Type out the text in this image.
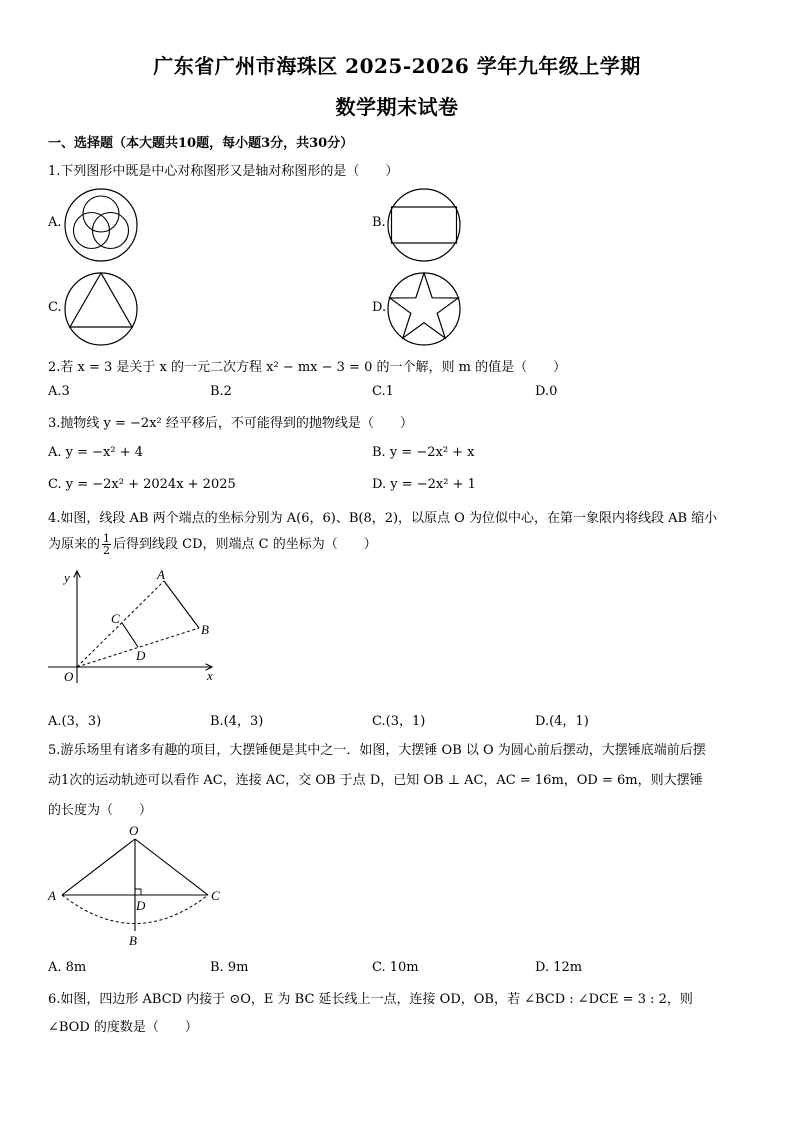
广东省广州市海珠区 2025-2026 学年九年级上学期
数学期末试卷
一、选择题（本大题共10题，每小题3分，共30分）
1.下列图形中既是中心对称图形又是轴对称图形的是（　　）
A.	B.
C.	D.
2.若 x = 3 是关于 x 的一元二次方程 x² − mx − 3 = 0 的一个解，则 m 的值是（　　）
A.3	B.2	C.1	D.0
3.抛物线 y = −2x² 经平移后，不可能得到的抛物线是（　　）
A. y = −x² + 4	B. y = −2x² + x
C. y = −2x² + 2024x + 2025	D. y = −2x² + 1
4.如图，线段 AB 两个端点的坐标分别为 A(6，6)、B(8，2)，以原点 O 为位似中心，在第一象限内将线段 AB 缩小
为原来的 $\frac{1}{2}$ 后得到线段 CD，则端点 C 的坐标为（　　）
y
x
O
A
B
C
D
A.(3，3)	B.(4，3)	C.(3，1)	D.(4，1)
5.游乐场里有诸多有趣的项目，大摆锤便是其中之一．如图，大摆锤 OB 以 O 为圆心前后摆动，大摆锤底端前后摆
动1次的运动轨迹可以看作 AC，连接 AC，交 OB 于点 D，已知 OB ⊥ AC，AC = 16m，OD = 6m，则大摆锤
的长度为（　　）
O
A	C
D
B
A. 8m	B. 9m	C. 10m	D. 12m
6.如图，四边形 ABCD 内接于 ⊙O，E 为 BC 延长线上一点，连接 OD，OB，若 ∠BCD : ∠DCE = 3 : 2，则
∠BOD 的度数是（　　）
